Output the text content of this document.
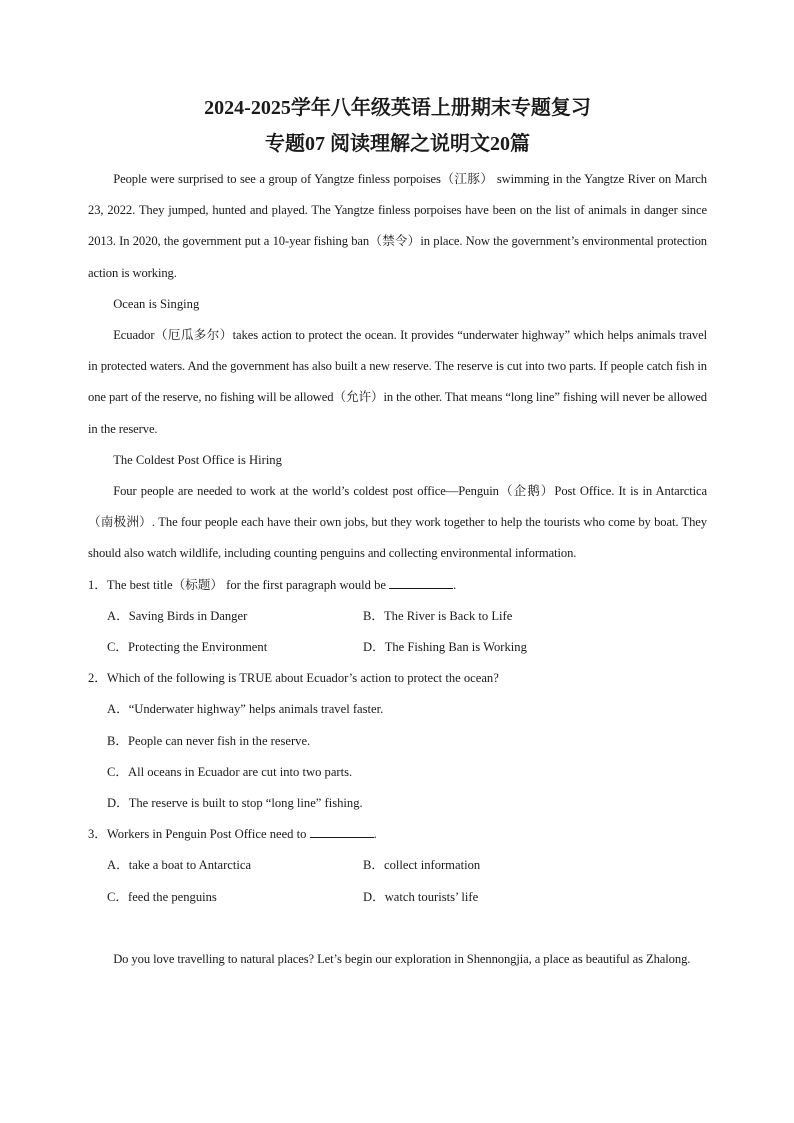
2024-2025学年八年级英语上册期末专题复习
专题07 阅读理解之说明文20篇

People were surprised to see a group of Yangtze finless porpoises（江豚） swimming in the Yangtze River on March 23, 2022. They jumped, hunted and played. The Yangtze finless porpoises have been on the list of animals in danger since 2013. In 2020, the government put a 10-year fishing ban（禁令）in place. Now the government’s environmental protection action is working.

Ocean is Singing

Ecuador（厄瓜多尔）takes action to protect the ocean. It provides “underwater highway” which helps animals travel in protected waters. And the government has also built a new reserve. The reserve is cut into two parts. If people catch fish in one part of the reserve, no fishing will be allowed（允许）in the other. That means “long line” fishing will never be allowed in the reserve.

The Coldest Post Office is Hiring

Four people are needed to work at the world’s coldest post office—Penguin（企鹅）Post Office. It is in Antarctica（南极洲）. The four people each have their own jobs, but they work together to help the tourists who come by boat. They should also watch wildlife, including counting penguins and collecting environmental information.

1．The best title（标题） for the first paragraph would be	.

A．Saving Birds in Danger	B．The River is Back to Life
C．Protecting the Environment	D．The Fishing Ban is Working

2．Which of the following is TRUE about Ecuador’s action to protect the ocean?

A．“Underwater highway” helps animals travel faster.
B．People can never fish in the reserve.
C．All oceans in Ecuador are cut into two parts.
D．The reserve is built to stop “long line” fishing.

3．Workers in Penguin Post Office need to	.

A．take a boat to Antarctica	B．collect information
C．feed the penguins	D．watch tourists’ life

Do you love travelling to natural places? Let’s begin our exploration in Shennongjia, a place as beautiful as Zhalong.
